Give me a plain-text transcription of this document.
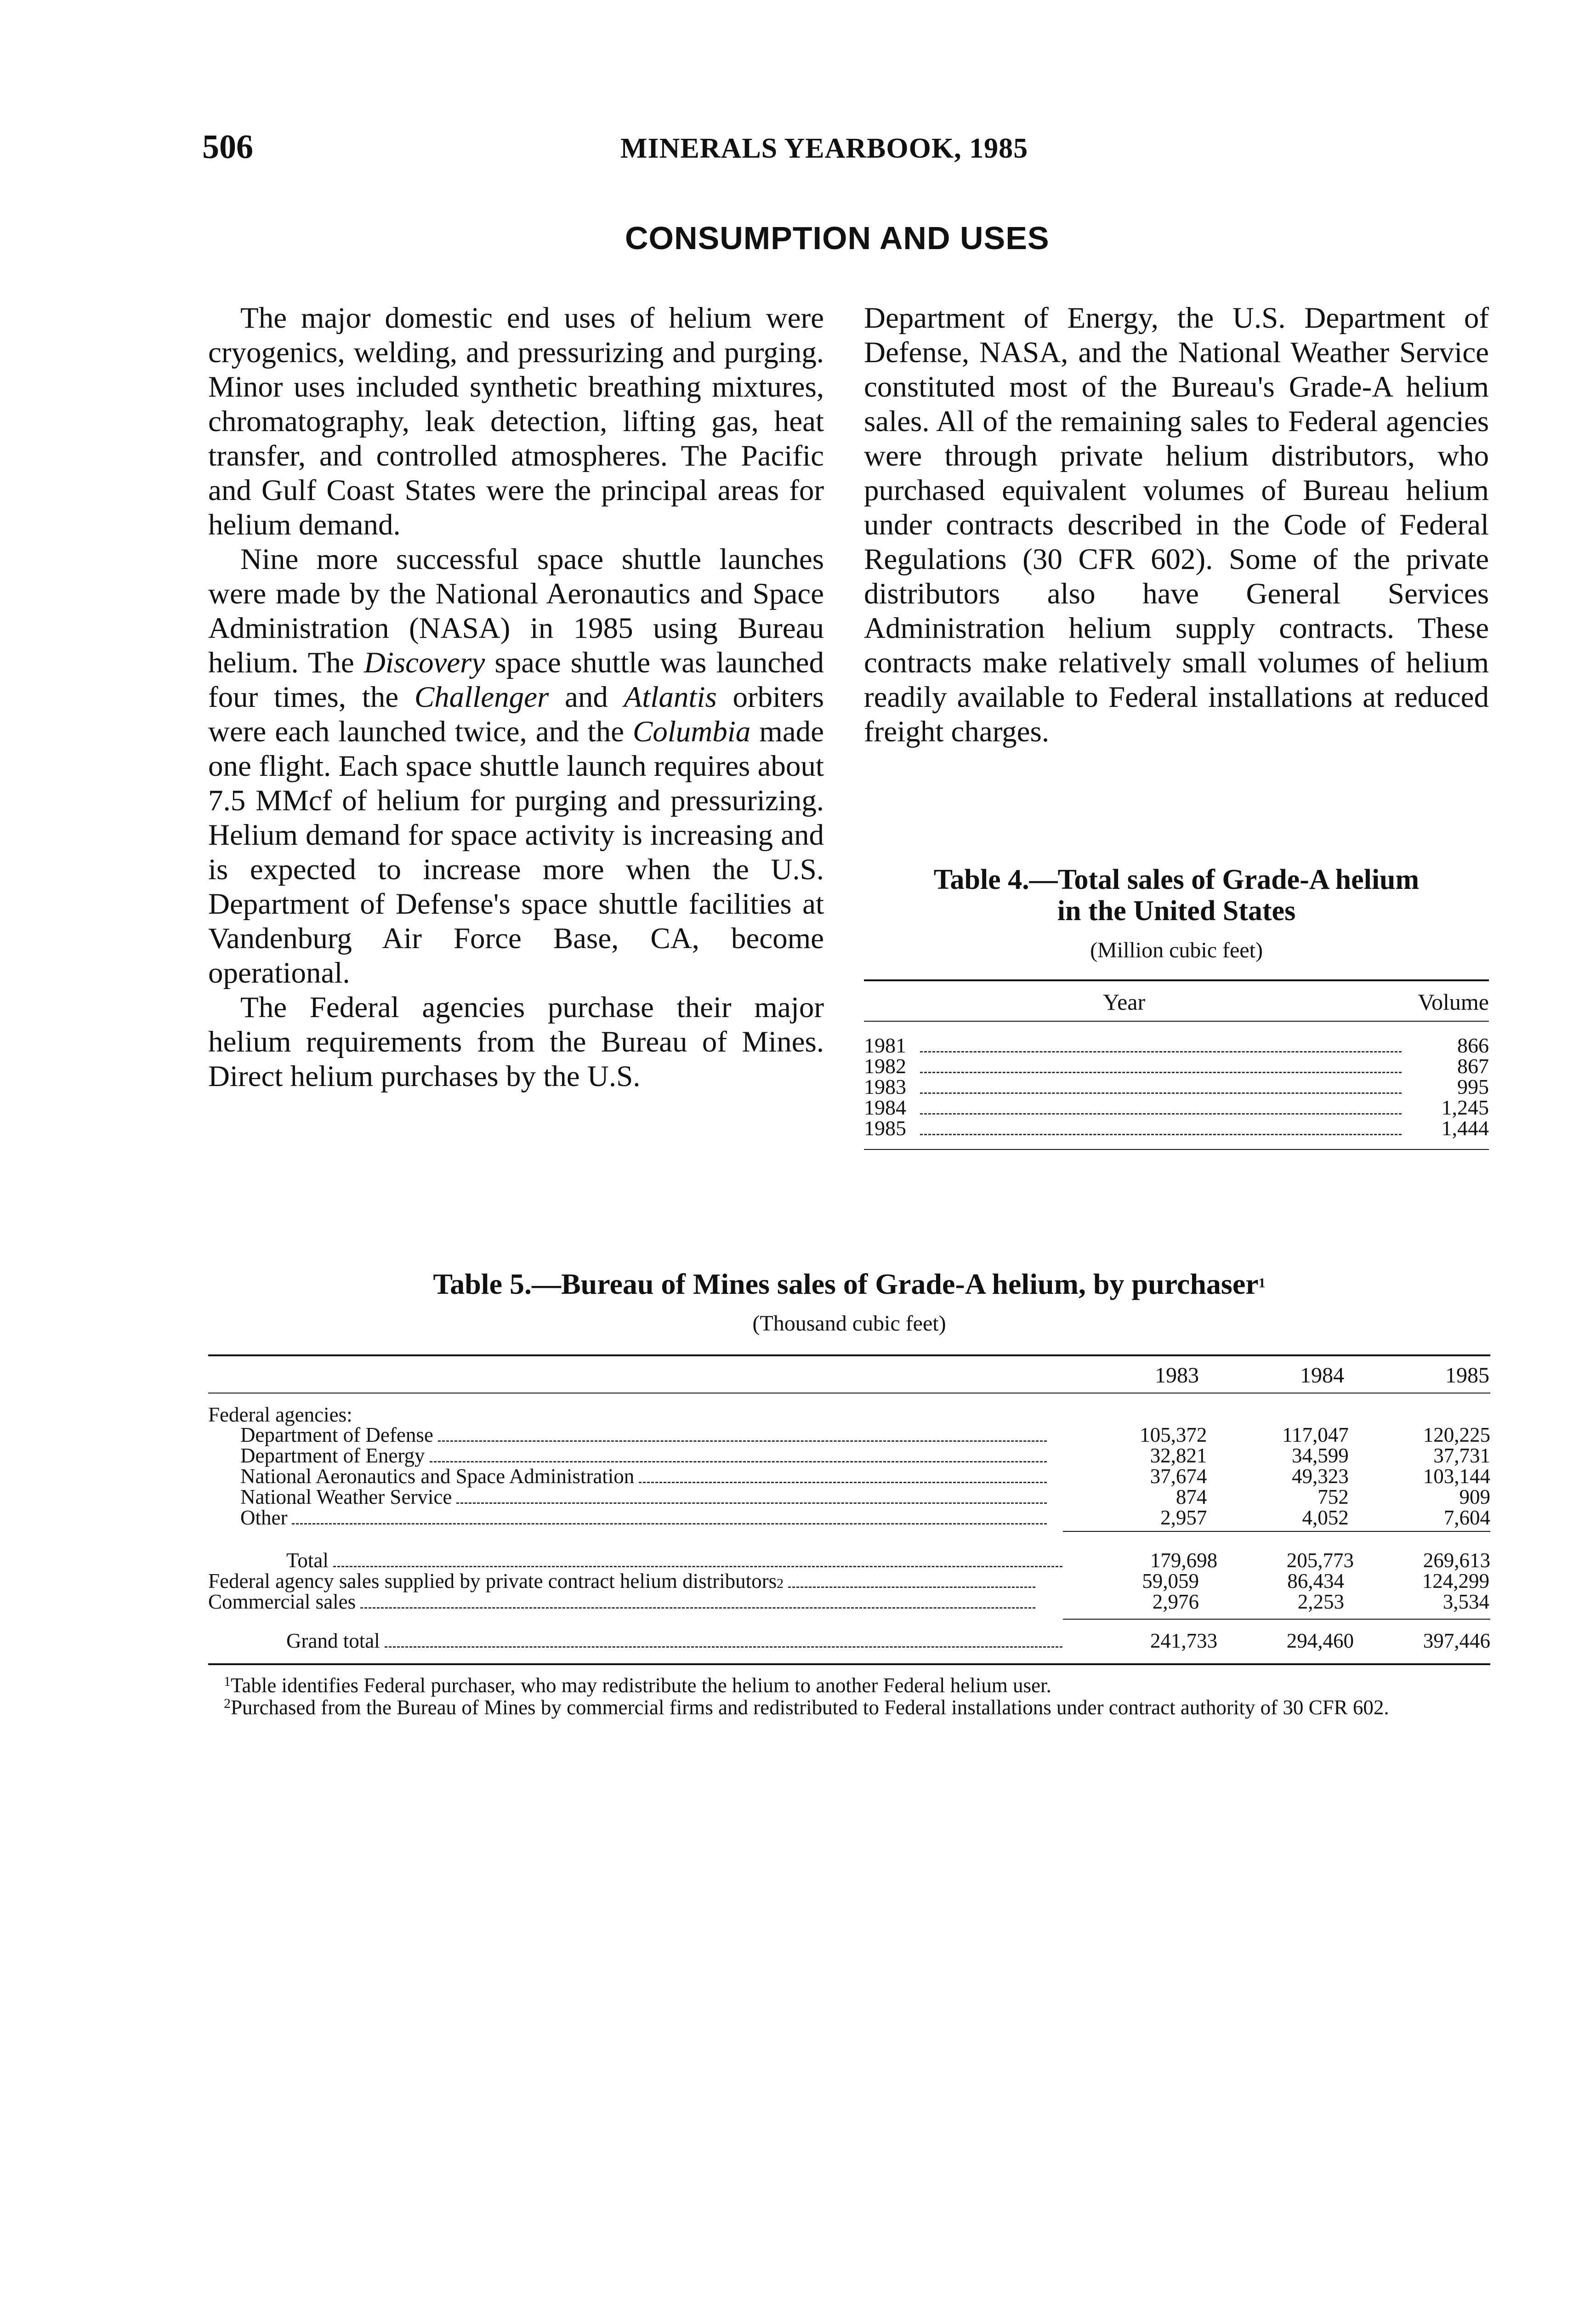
506	MINERALS YEARBOOK, 1985
CONSUMPTION AND USES

The major domestic end uses of helium were cryogenics, welding, and pressurizing and purging. Minor uses included synthetic breathing mixtures, chromatography, leak detection, lifting gas, heat transfer, and controlled atmospheres. The Pacific and Gulf Coast States were the principal areas for helium demand.

Nine more successful space shuttle launches were made by the National Aeronautics and Space Administration (NASA) in 1985 using Bureau helium. The Discovery space shuttle was launched four times, the Challenger and Atlantis orbiters were each launched twice, and the Columbia made one flight. Each space shuttle launch requires about 7.5 MMcf of helium for purging and pressurizing. Helium demand for space activity is increasing and is expected to increase more when the U.S. Department of Defense's space shuttle facilities at Vandenburg Air Force Base, CA, become operational.

The Federal agencies purchase their major helium requirements from the Bureau of Mines. Direct helium purchases by the U.S.

Department of Energy, the U.S. Department of Defense, NASA, and the National Weather Service constituted most of the Bureau's Grade-A helium sales. All of the remaining sales to Federal agencies were through private helium distributors, who purchased equivalent volumes of Bureau helium under contracts described in the Code of Federal Regulations (30 CFR 602). Some of the private distributors also have General Services Administration helium supply contracts. These contracts make relatively small volumes of helium readily available to Federal installations at reduced freight charges.

Table 4.—Total sales of Grade-A helium
in the United States
(Million cubic feet)
Year	Volume
1981	866
1982	867
1983	995
1984	1,245
1985	1,444
Table 5.—Bureau of Mines sales of Grade-A helium, by purchaser$^1$
(Thousand cubic feet)
1983	1984	1985
Federal agencies:
Department of Defense	105,372	117,047	120,225
Department of Energy	32,821	34,599	37,731
National Aeronautics and Space Administration	37,674	49,323	103,144
National Weather Service	874	752	909
Other	2,957	4,052	7,604
Total	179,698	205,773	269,613
Federal agency sales supplied by private contract helium distributors 2	59,059	86,434	124,299
Commercial sales	2,976	2,253	3,534
Grand total	241,733	294,460	397,446

$^1$Table identifies Federal purchaser, who may redistribute the helium to another Federal helium user.

$^2$Purchased from the Bureau of Mines by commercial firms and redistributed to Federal installations under contract authority of 30 CFR 602.
